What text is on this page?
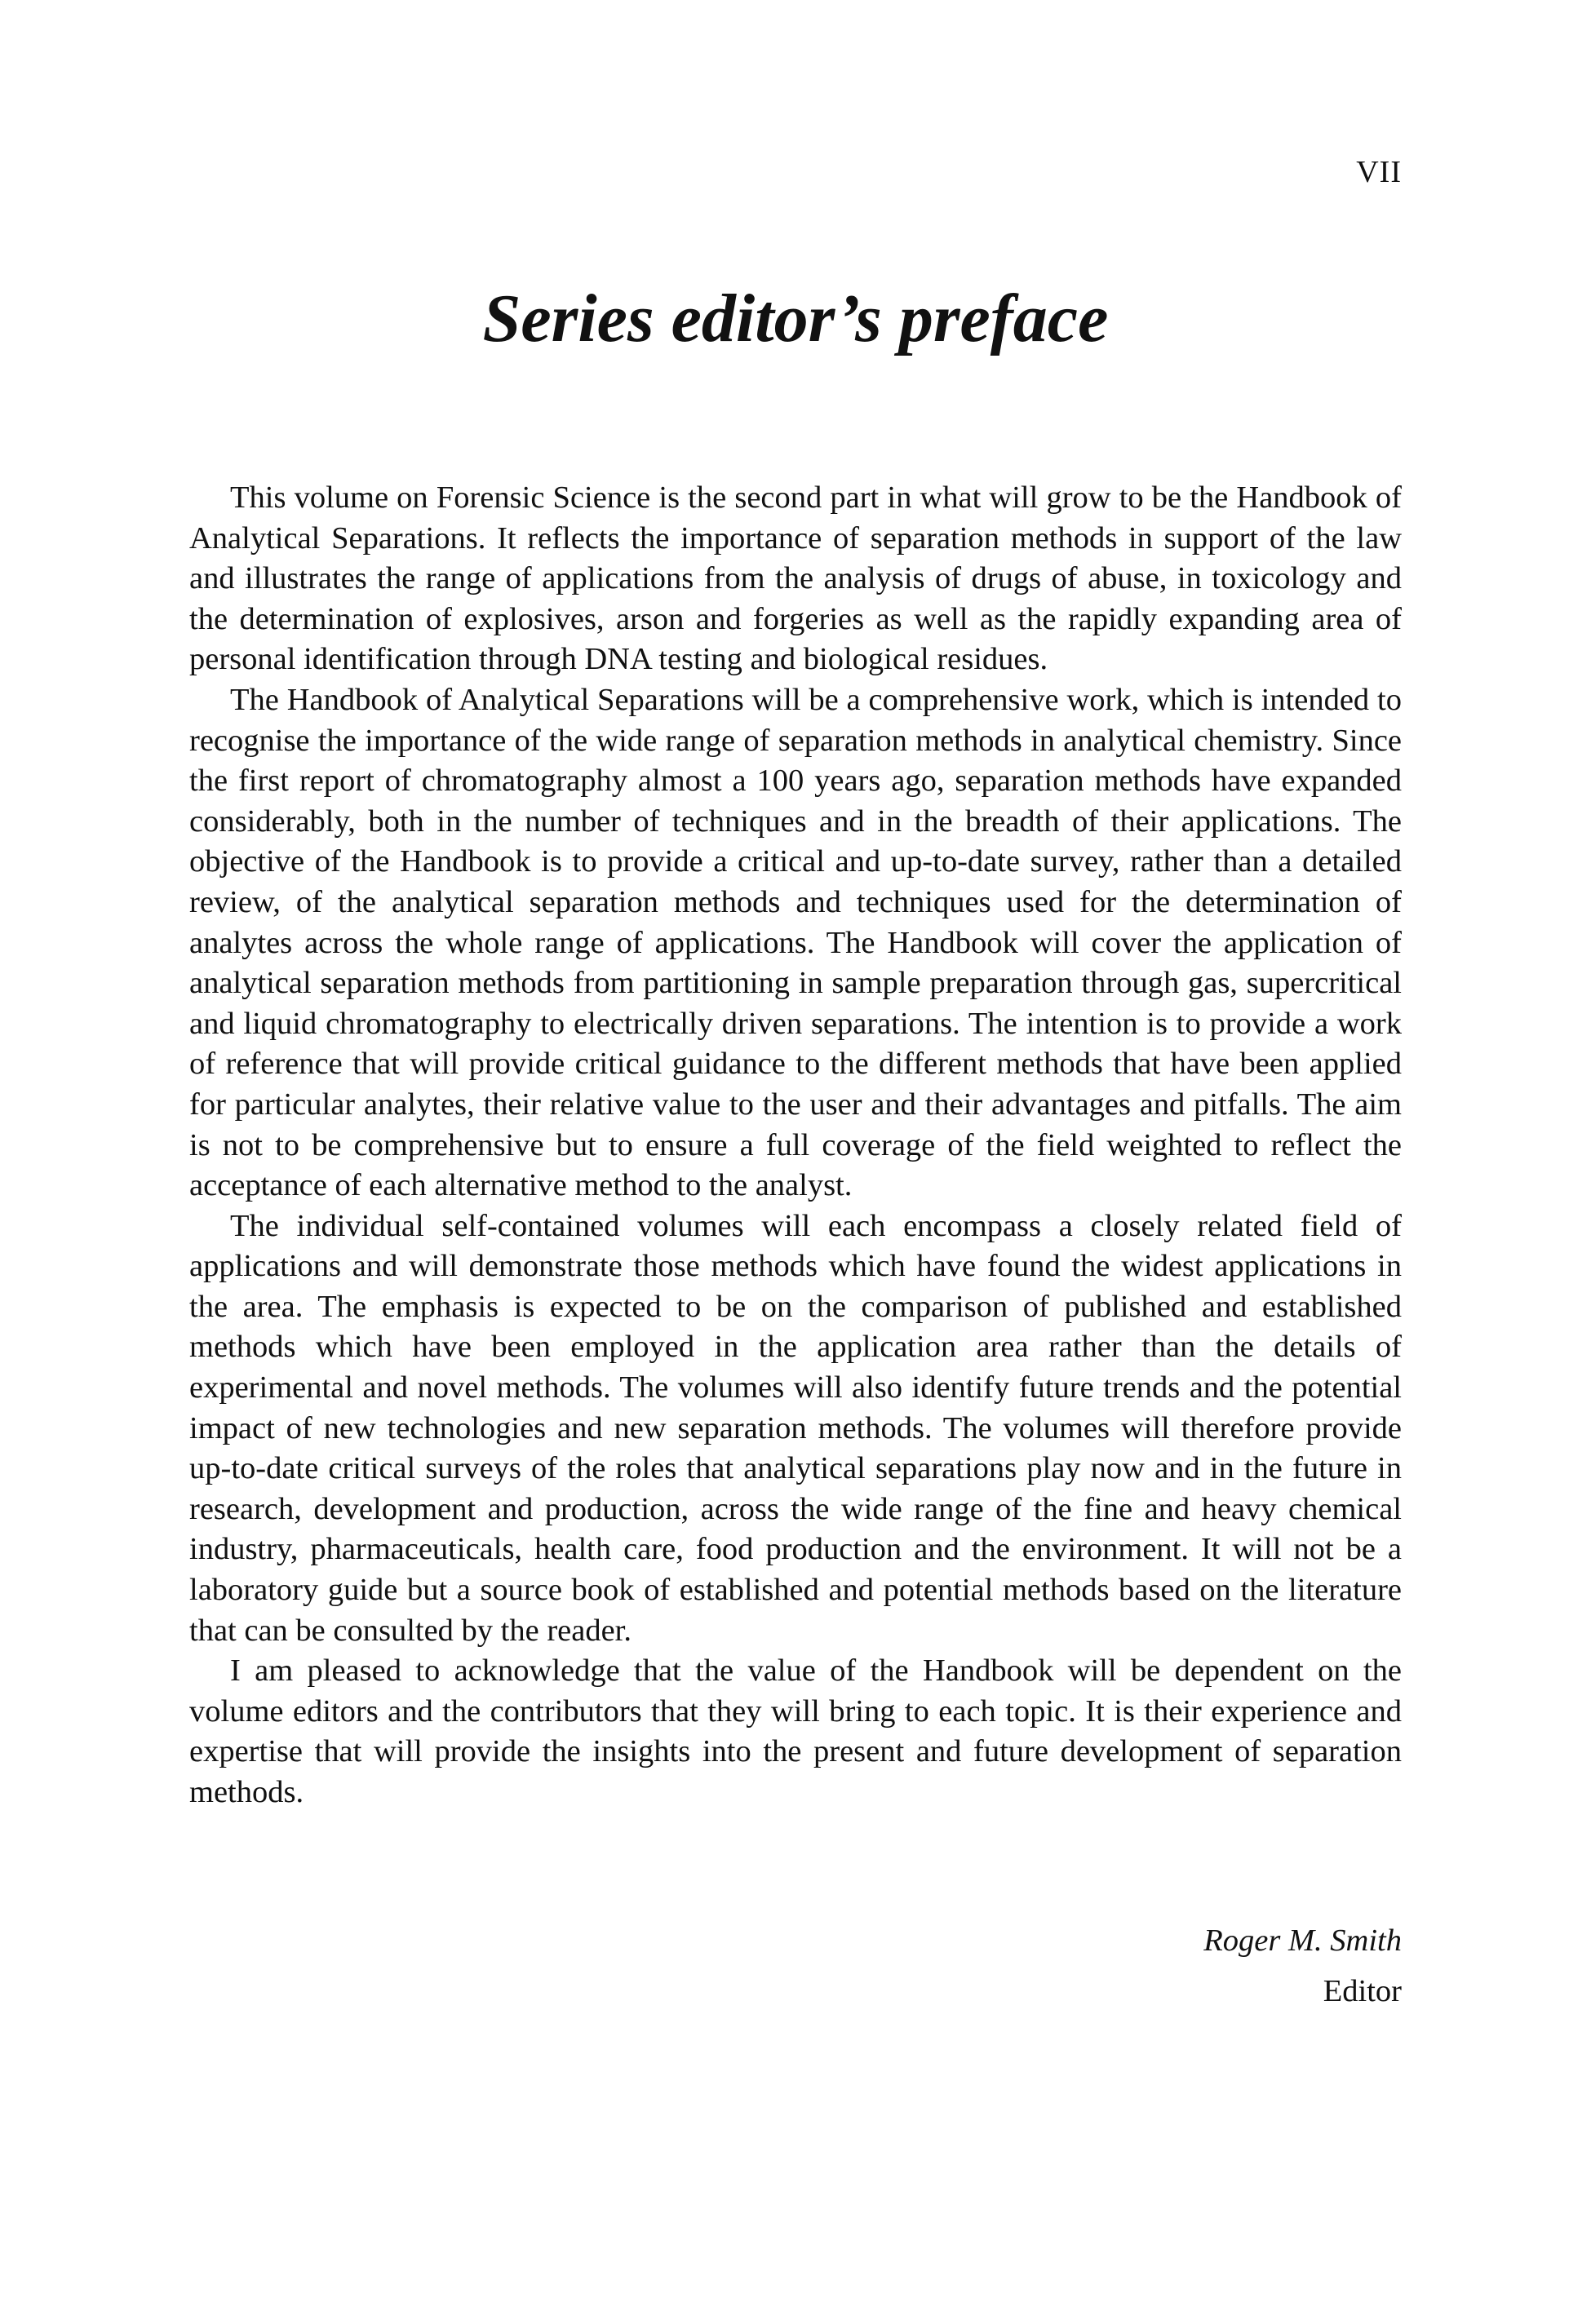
VII
Series editor’s preface

This volume on Forensic Science is the second part in what will grow to be the Handbook of Analytical Separations. It reflects the importance of separation methods in support of the law and illustrates the range of applications from the analysis of drugs of abuse, in toxicology and the determination of explosives, arson and forgeries as well as the rapidly expanding area of personal identification through DNA testing and biological residues.

The Handbook of Analytical Separations will be a comprehensive work, which is intended to recognise the importance of the wide range of separation methods in analytical chemistry. Since the first report of chromatography almost a 100 years ago, separation methods have expanded considerably, both in the number of techniques and in the breadth of their applications. The objective of the Handbook is to provide a critical and up-to-date survey, rather than a detailed review, of the analytical separation methods and techniques used for the determination of analytes across the whole range of applications. The Handbook will cover the application of analytical separation methods from partitioning in sample preparation through gas, supercritical and liquid chromatography to electrically driven separations. The intention is to provide a work of reference that will provide critical guidance to the different methods that have been applied for particular analytes, their relative value to the user and their advantages and pitfalls. The aim is not to be comprehensive but to ensure a full coverage of the field weighted to reflect the acceptance of each alternative method to the analyst.

The individual self-contained volumes will each encompass a closely related field of applications and will demonstrate those methods which have found the widest applications in the area. The emphasis is expected to be on the comparison of published and established methods which have been employed in the application area rather than the details of experimental and novel methods. The volumes will also identify future trends and the potential impact of new technologies and new separation methods. The volumes will therefore provide up-to-date critical surveys of the roles that analytical separations play now and in the future in research, development and production, across the wide range of the fine and heavy chemical industry, pharmaceuticals, health care, food production and the environment. It will not be a laboratory guide but a source book of established and potential methods based on the literature that can be consulted by the reader.

I am pleased to acknowledge that the value of the Handbook will be dependent on the volume editors and the contributors that they will bring to each topic. It is their experience and expertise that will provide the insights into the present and future development of separation methods.

Roger M. Smith
Editor
